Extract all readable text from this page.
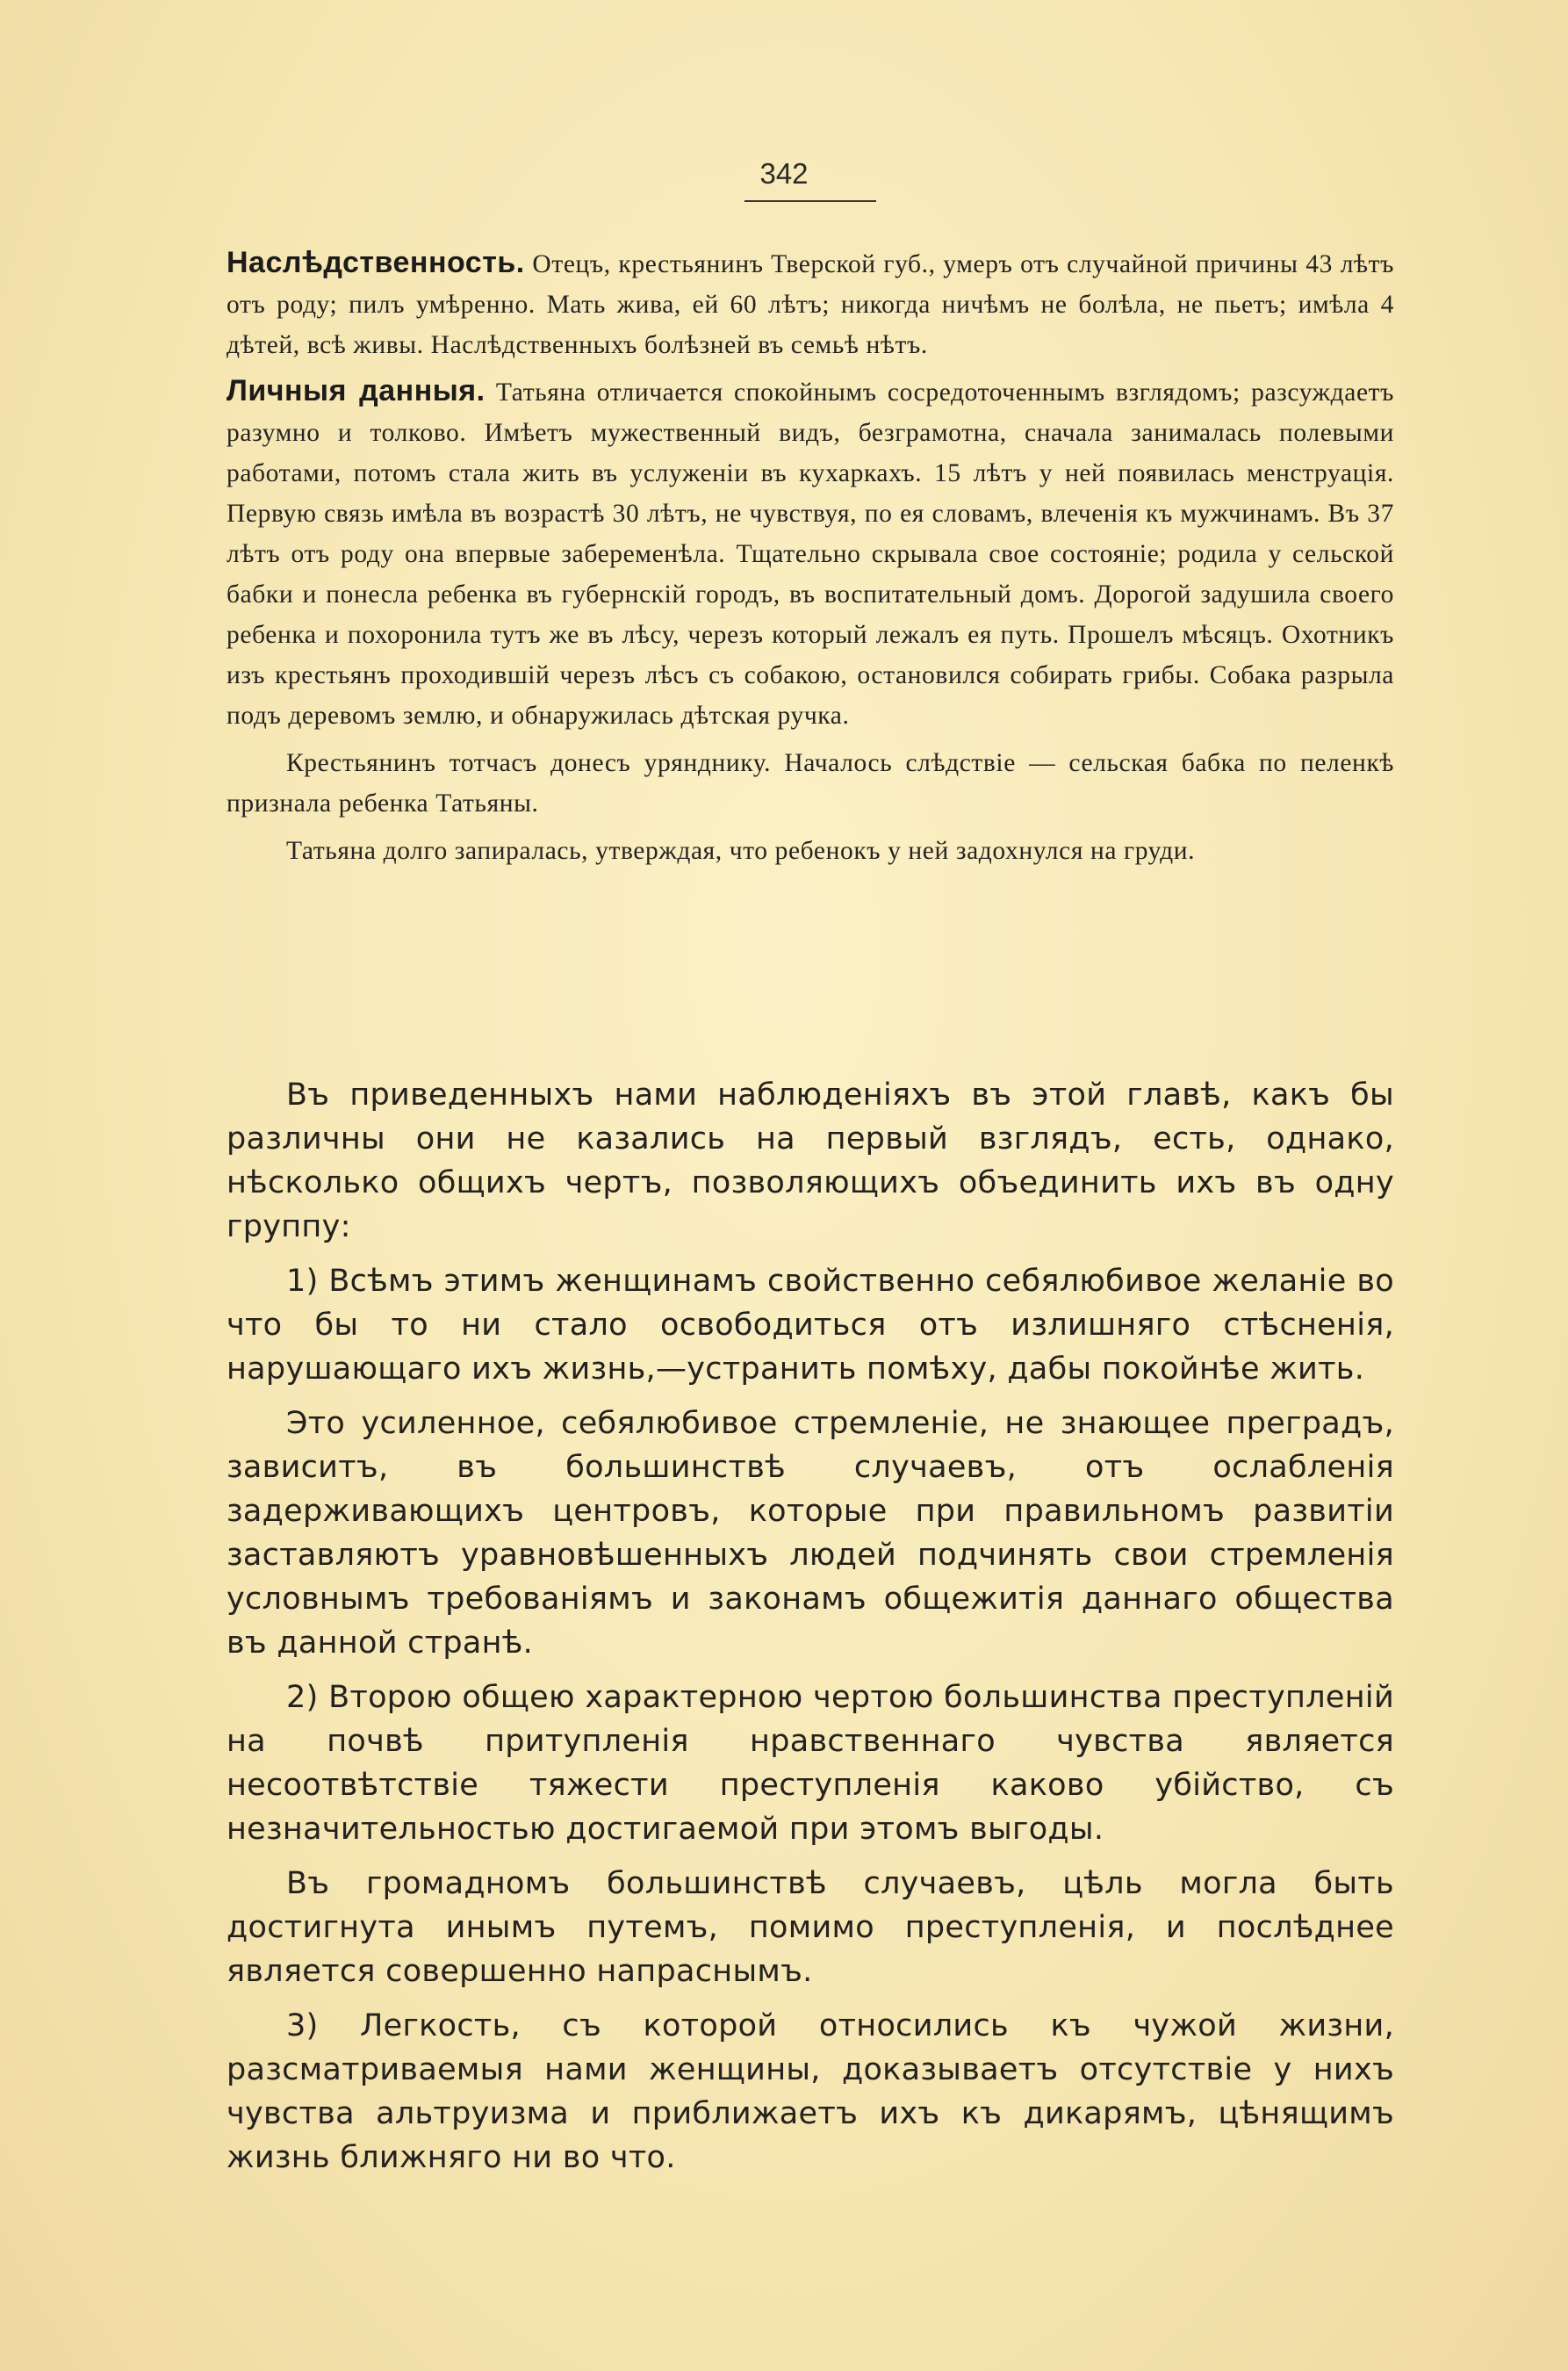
342

Наслѣдственность. Отецъ, крестьянинъ Тверской губ., умеръ отъ случайной причины 43 лѣтъ отъ роду; пилъ умѣренно. Мать жива, ей 60 лѣтъ; никогда ничѣмъ не болѣла, не пьетъ; имѣла 4 дѣтей, всѣ живы. Наслѣдственныхъ болѣзней въ семьѣ нѣтъ.

Личныя данныя. Татьяна отличается спокойнымъ сосредоточеннымъ взглядомъ; разсуждаетъ разумно и толково. Имѣетъ мужественный видъ, безграмотна, сначала занималась полевыми работами, потомъ стала жить въ услуженіи въ кухаркахъ. 15 лѣтъ у ней появилась менструація. Первую связь имѣла въ возрастѣ 30 лѣтъ, не чувствуя, по ея словамъ, влеченія къ мужчинамъ. Въ 37 лѣтъ отъ роду она впервые забеременѣла. Тщательно скрывала свое состояніе; родила у сельской бабки и понесла ребенка въ губернскій городъ, въ воспитательный домъ. Дорогой задушила своего ребенка и похоронила тутъ же въ лѣсу, черезъ который лежалъ ея путь. Прошелъ мѣсяцъ. Охотникъ изъ крестьянъ проходившій черезъ лѣсъ съ собакою, остановился собирать грибы. Собака разрыла подъ деревомъ землю, и обнаружилась дѣтская ручка.

Крестьянинъ тотчасъ донесъ урянднику. Началось слѣдствіе — сельская бабка по пеленкѣ признала ребенка Татьяны.

Татьяна долго запиралась, утверждая, что ребенокъ у ней задохнулся на груди.

Въ приведенныхъ нами наблюденіяхъ въ этой главѣ, какъ бы различны они не казались на первый взглядъ, есть, однако, нѣсколько общихъ чертъ, позволяющихъ объединить ихъ въ одну группу:

1) Всѣмъ этимъ женщинамъ свойственно себялюбивое желаніе во что бы то ни стало освободиться отъ излишняго стѣсненія, нарушающаго ихъ жизнь,—устранить помѣху, дабы покойнѣе жить.

Это усиленное, себялюбивое стремленіе, не знающее преградъ, зависитъ, въ большинствѣ случаевъ, отъ ослабленія задерживающихъ центровъ, которые при правильномъ развитіи заставляютъ уравновѣшенныхъ людей подчинять свои стремленія условнымъ требованіямъ и законамъ общежитія даннаго общества въ данной странѣ.

2) Второю общею характерною чертою большинства преступленій на почвѣ притупленія нравственнаго чувства является несоотвѣтствіе тяжести преступленія каково убійство, съ незначительностью достигаемой при этомъ выгоды.

Въ громадномъ большинствѣ случаевъ, цѣль могла быть достигнута инымъ путемъ, помимо преступленія, и послѣднее является совершенно напраснымъ.

3) Легкость, съ которой относились къ чужой жизни, разсматриваемыя нами женщины, доказываетъ отсутствіе у нихъ чувства альтруизма и приближаетъ ихъ къ дикарямъ, цѣнящимъ жизнь ближняго ни во что.
